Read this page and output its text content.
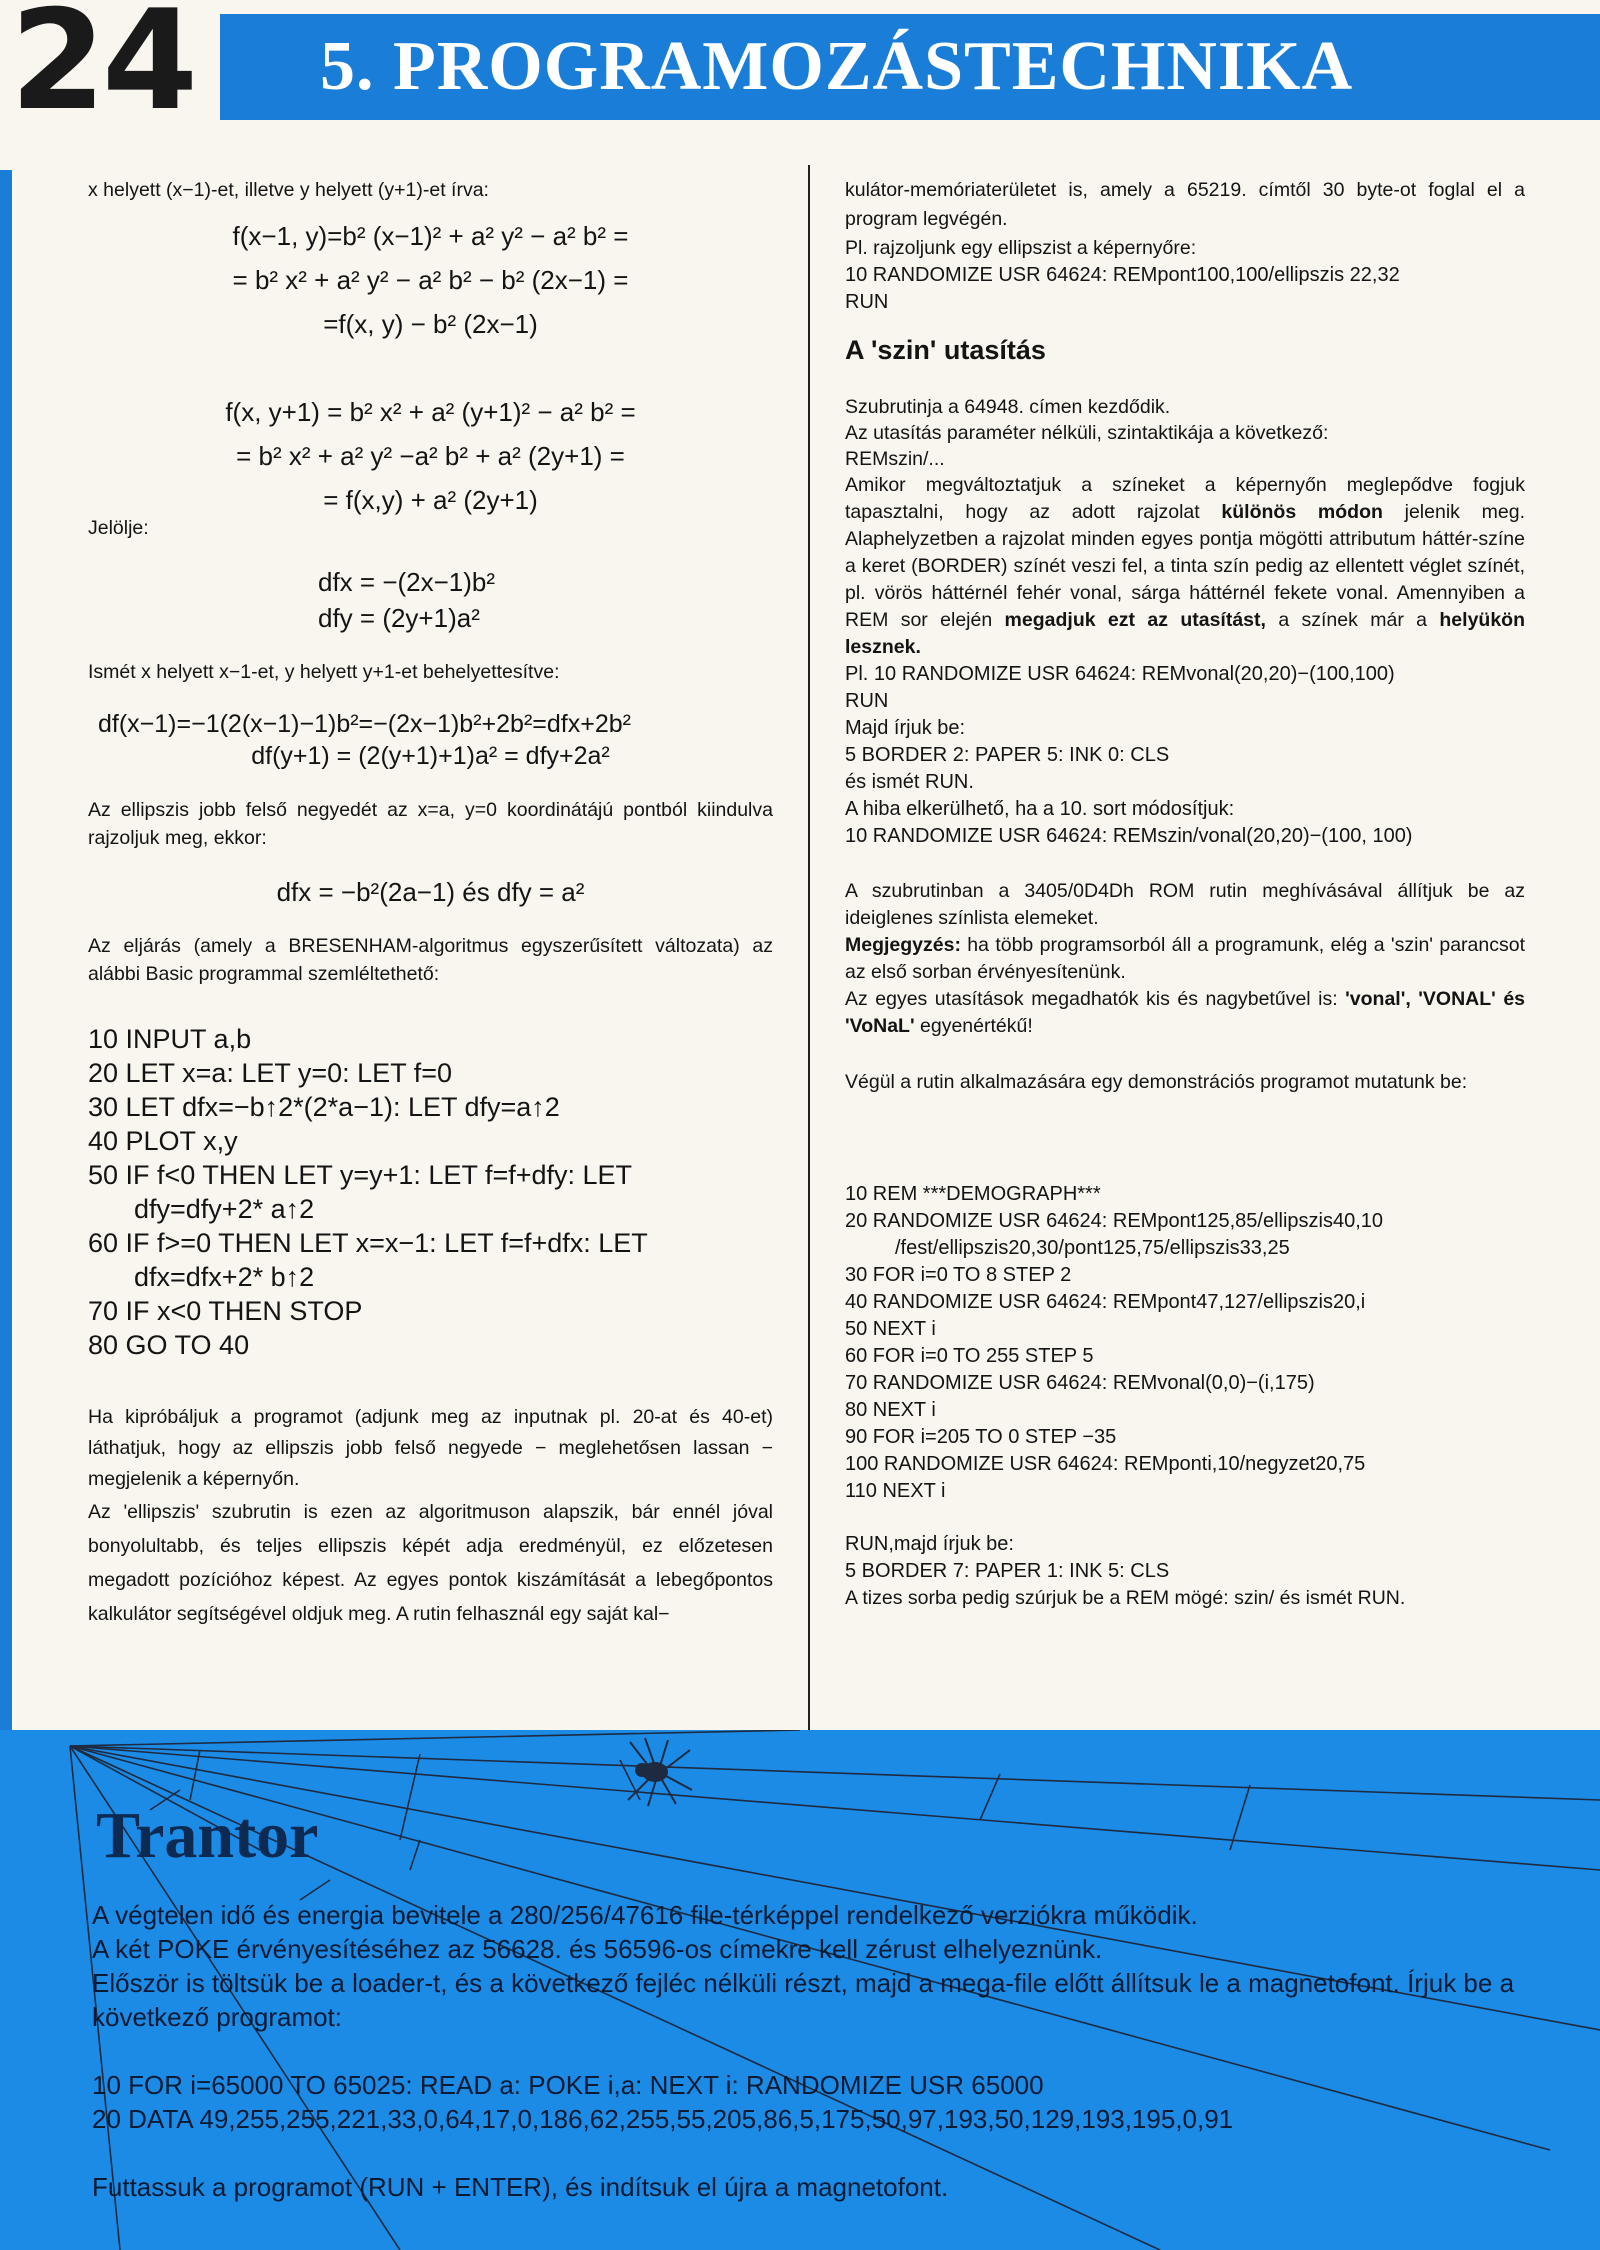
24	5. PROGRAMOZÁSTECHNIKA

x helyett (x−1)-et, illetve y helyett (y+1)-et írva:

f(x−1, y)=b² (x−1)² + a² y² − a² b² =
= b² x² + a² y² − a² b² − b² (2x−1) =
=f(x, y) − b² (2x−1)
f(x, y+1) = b² x² + a² (y+1)² − a² b² =
= b² x² + a² y² −a² b² + a² (2y+1) =
= f(x,y) + a² (2y+1)

Jelölje:

dfx = −(2x−1)b²
dfy = (2y+1)a²

Ismét x helyett x−1-et, y helyett y+1-et behelyettesítve:

df(x−1)=−1(2(x−1)−1)b²=−(2x−1)b²+2b²=dfx+2b²
df(y+1) = (2(y+1)+1)a² = dfy+2a²

Az ellipszis jobb felső negyedét az x=a, y=0 koordinátájú pontból kiindulva rajzoljuk meg, ekkor:

dfx = −b²(2a−1) és dfy = a²

Az eljárás (amely a BRESENHAM-algoritmus egyszerűsített változata) az alábbi Basic programmal szemléltethető:

10 INPUT a,b
20 LET x=a: LET y=0: LET f=0
30 LET dfx=−b↑2*(2*a−1): LET dfy=a↑2
40 PLOT x,y
50 IF f<0 THEN LET y=y+1: LET f=f+dfy: LET
dfy=dfy+2* a↑2
60 IF f>=0 THEN LET x=x−1: LET f=f+dfx: LET
dfx=dfx+2* b↑2
70 IF x<0 THEN STOP
80 GO TO 40

Ha kipróbáljuk a programot (adjunk meg az inputnak pl. 20-at és 40-et) láthatjuk, hogy az ellipszis jobb felső negyede − meglehetősen lassan − megjelenik a képernyőn.

Az 'ellipszis' szubrutin is ezen az algoritmuson alapszik, bár ennél jóval bonyolultabb, és teljes ellipszis képét adja eredményül, ez előzetesen megadott pozícióhoz képest. Az egyes pontok kiszámítását a lebegőpontos kalkulátor segítségével oldjuk meg. A rutin felhasznál egy saját kal−

kulátor-memóriaterületet is, amely a 65219. címtől 30 byte-ot foglal el a program legvégén.

Pl. rajzoljunk egy ellipszist a képernyőre:

10 RANDOMIZE USR 64624: REMpont100,100/ellipszis 22,32
RUN
A 'szin' utasítás

Szubrutinja a 64948. címen kezdődik.

Az utasítás paraméter nélküli, szintaktikája a következő:

REMszin/...

Amikor megváltoztatjuk a színeket a képernyőn meglepődve fogjuk tapasztalni, hogy az adott rajzolat különös módon jelenik meg. Alaphelyzetben a rajzolat minden egyes pontja mögötti attributum háttér-színe a keret (BORDER) színét veszi fel, a tinta szín pedig az ellentett véglet színét, pl. vörös háttérnél fehér vonal, sárga háttérnél fekete vonal. Amennyiben a REM sor elején megadjuk ezt az utasítást, a színek már a helyükön lesznek.

Pl. 10 RANDOMIZE USR 64624: REMvonal(20,20)−(100,100)
RUN
Majd írjuk be:
5 BORDER 2: PAPER 5: INK 0: CLS
és ismét RUN.
A hiba elkerülhető, ha a 10. sort módosítjuk:
10 RANDOMIZE USR 64624: REMszin/vonal(20,20)−(100, 100)

A szubrutinban a 3405/0D4Dh ROM rutin meghívásával állítjuk be az ideiglenes színlista elemeket.

Megjegyzés: ha több programsorból áll a programunk, elég a 'szin' parancsot az első sorban érvényesítenünk.

Az egyes utasítások megadhatók kis és nagybetűvel is: 'vonal', 'VONAL' és 'VoNaL' egyenértékű!

Végül a rutin alkalmazására egy demonstrációs programot mutatunk be:

10 REM ***DEMOGRAPH***
20 RANDOMIZE USR 64624: REMpont125,85/ellipszis40,10 /fest/ellipszis20,30/pont125,75/ellipszis33,25
30 FOR i=0 TO 8 STEP 2
40 RANDOMIZE USR 64624: REMpont47,127/ellipszis20,i
50 NEXT i
60 FOR i=0 TO 255 STEP 5
70 RANDOMIZE USR 64624: REMvonal(0,0)−(i,175)
80 NEXT i
90 FOR i=205 TO 0 STEP −35
100 RANDOMIZE USR 64624: REMponti,10/negyzet20,75
110 NEXT i
RUN,majd írjuk be:
5 BORDER 7: PAPER 1: INK 5: CLS

A tizes sorba pedig szúrjuk be a REM mögé: szin/ és ismét RUN.

Trantor
A végtelen idő és energia bevitele a 280/256/47616 file-térképpel rendelkező verziókra működik.
A két POKE érvényesítéséhez az 56628. és 56596-os címekre kell zérust elhelyeznünk.
Először is töltsük be a loader-t, és a következő fejléc nélküli részt, majd a mega-file előtt állítsuk le a magnetofont. Írjuk be a következő programot:
10 FOR i=65000 TO 65025: READ a: POKE i,a: NEXT i: RANDOMIZE USR 65000
20 DATA 49,255,255,221,33,0,64,17,0,186,62,255,55,205,86,5,175,50,97,193,50,129,193,195,0,91
Futtassuk a programot (RUN + ENTER), és indítsuk el újra a magnetofont.
